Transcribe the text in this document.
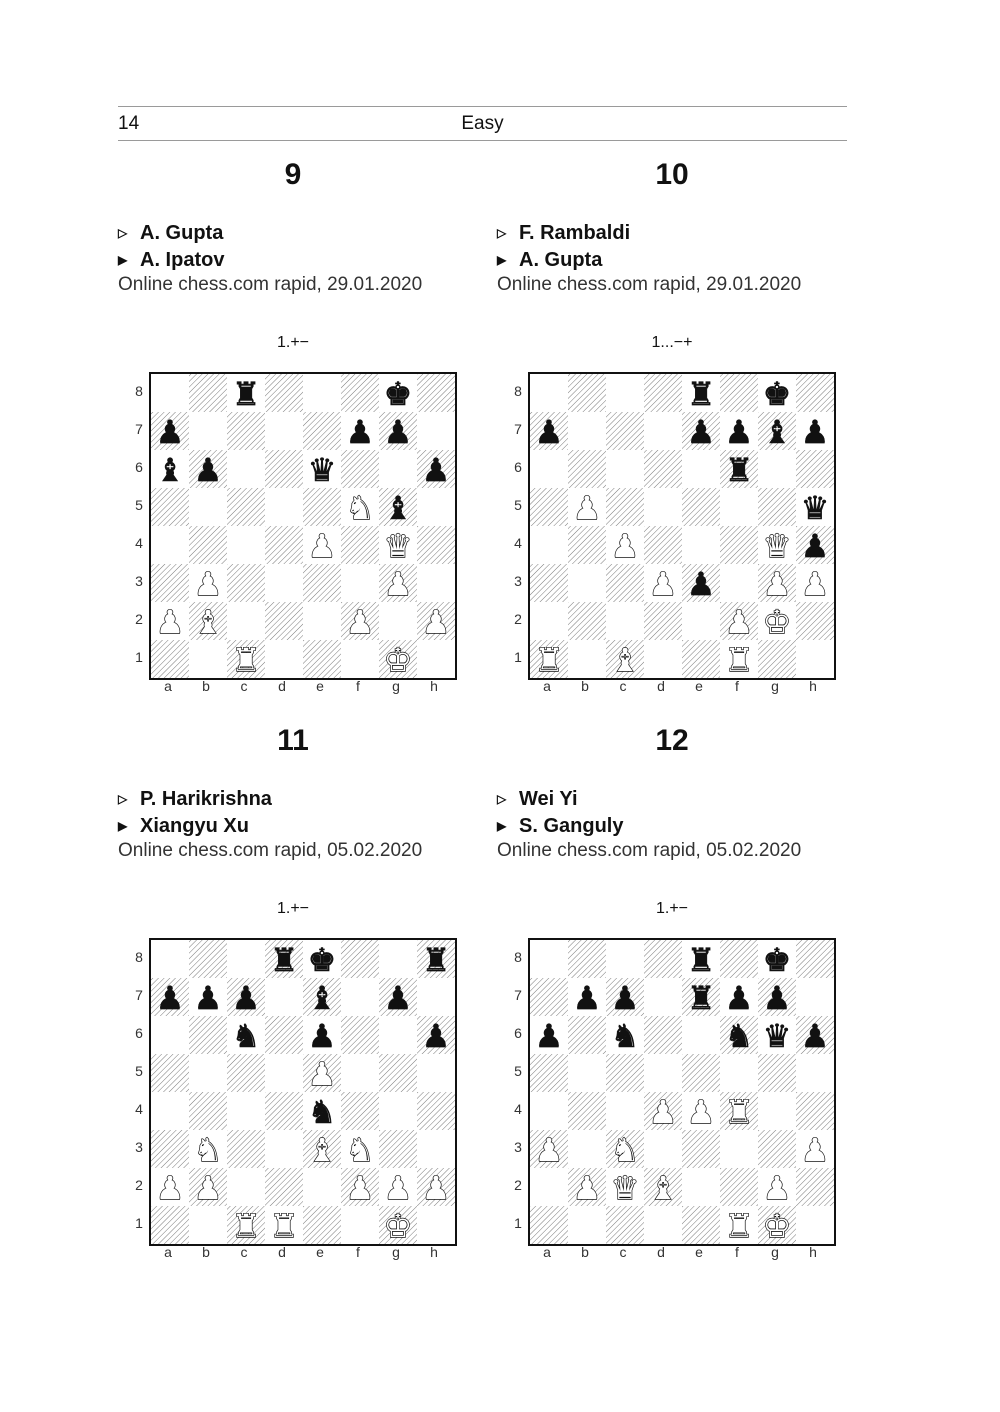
14	Easy
9
▷ A. Gupta
▶ A. Ipatov
Online chess.com rapid, 29.01.2020
1.+−
8
7
6
5
4
3
2
1
♜	♚
♟	♟ ♟
♝ ♟	♛	♟
♞ ♝
♟ ♛
♟	♟
♟ ♝	♟ ♟
♜	♚
a	b	c	d	e	f	g	h
10
▷ F. Rambaldi
▶ A. Gupta
Online chess.com rapid, 29.01.2020
1...−+
8
7
6
5
4
3
2
1
♜ ♚
♟	♟ ♟ ♝ ♟
♜
♟	♛
♟	♛ ♟
♟ ♟ ♟ ♟
♟ ♚
♜ ♝	♜
a	b	c	d	e	f	g	h
11
▷ P. Harikrishna
▶ Xiangyu Xu
Online chess.com rapid, 05.02.2020
1.+−
8
7
6
5
4
3
2
1
♜ ♚	♜
♟ ♟ ♟ ♝ ♟
♞ ♟	♟
♟
♞
♞	♝ ♞
♟ ♟	♟ ♟ ♟
♜ ♜	♚
a	b	c	d	e	f	g	h
12
▷ Wei Yi
▶ S. Ganguly
Online chess.com rapid, 05.02.2020
1.+−
8
7
6
5
4
3
2
1
♜ ♚
♟ ♟ ♜ ♟ ♟
♟ ♞	♞ ♛ ♟
♟ ♟ ♜
♟ ♞	♟
♟ ♛ ♝	♟
♜ ♚
a	b	c	d	e	f	g	h
